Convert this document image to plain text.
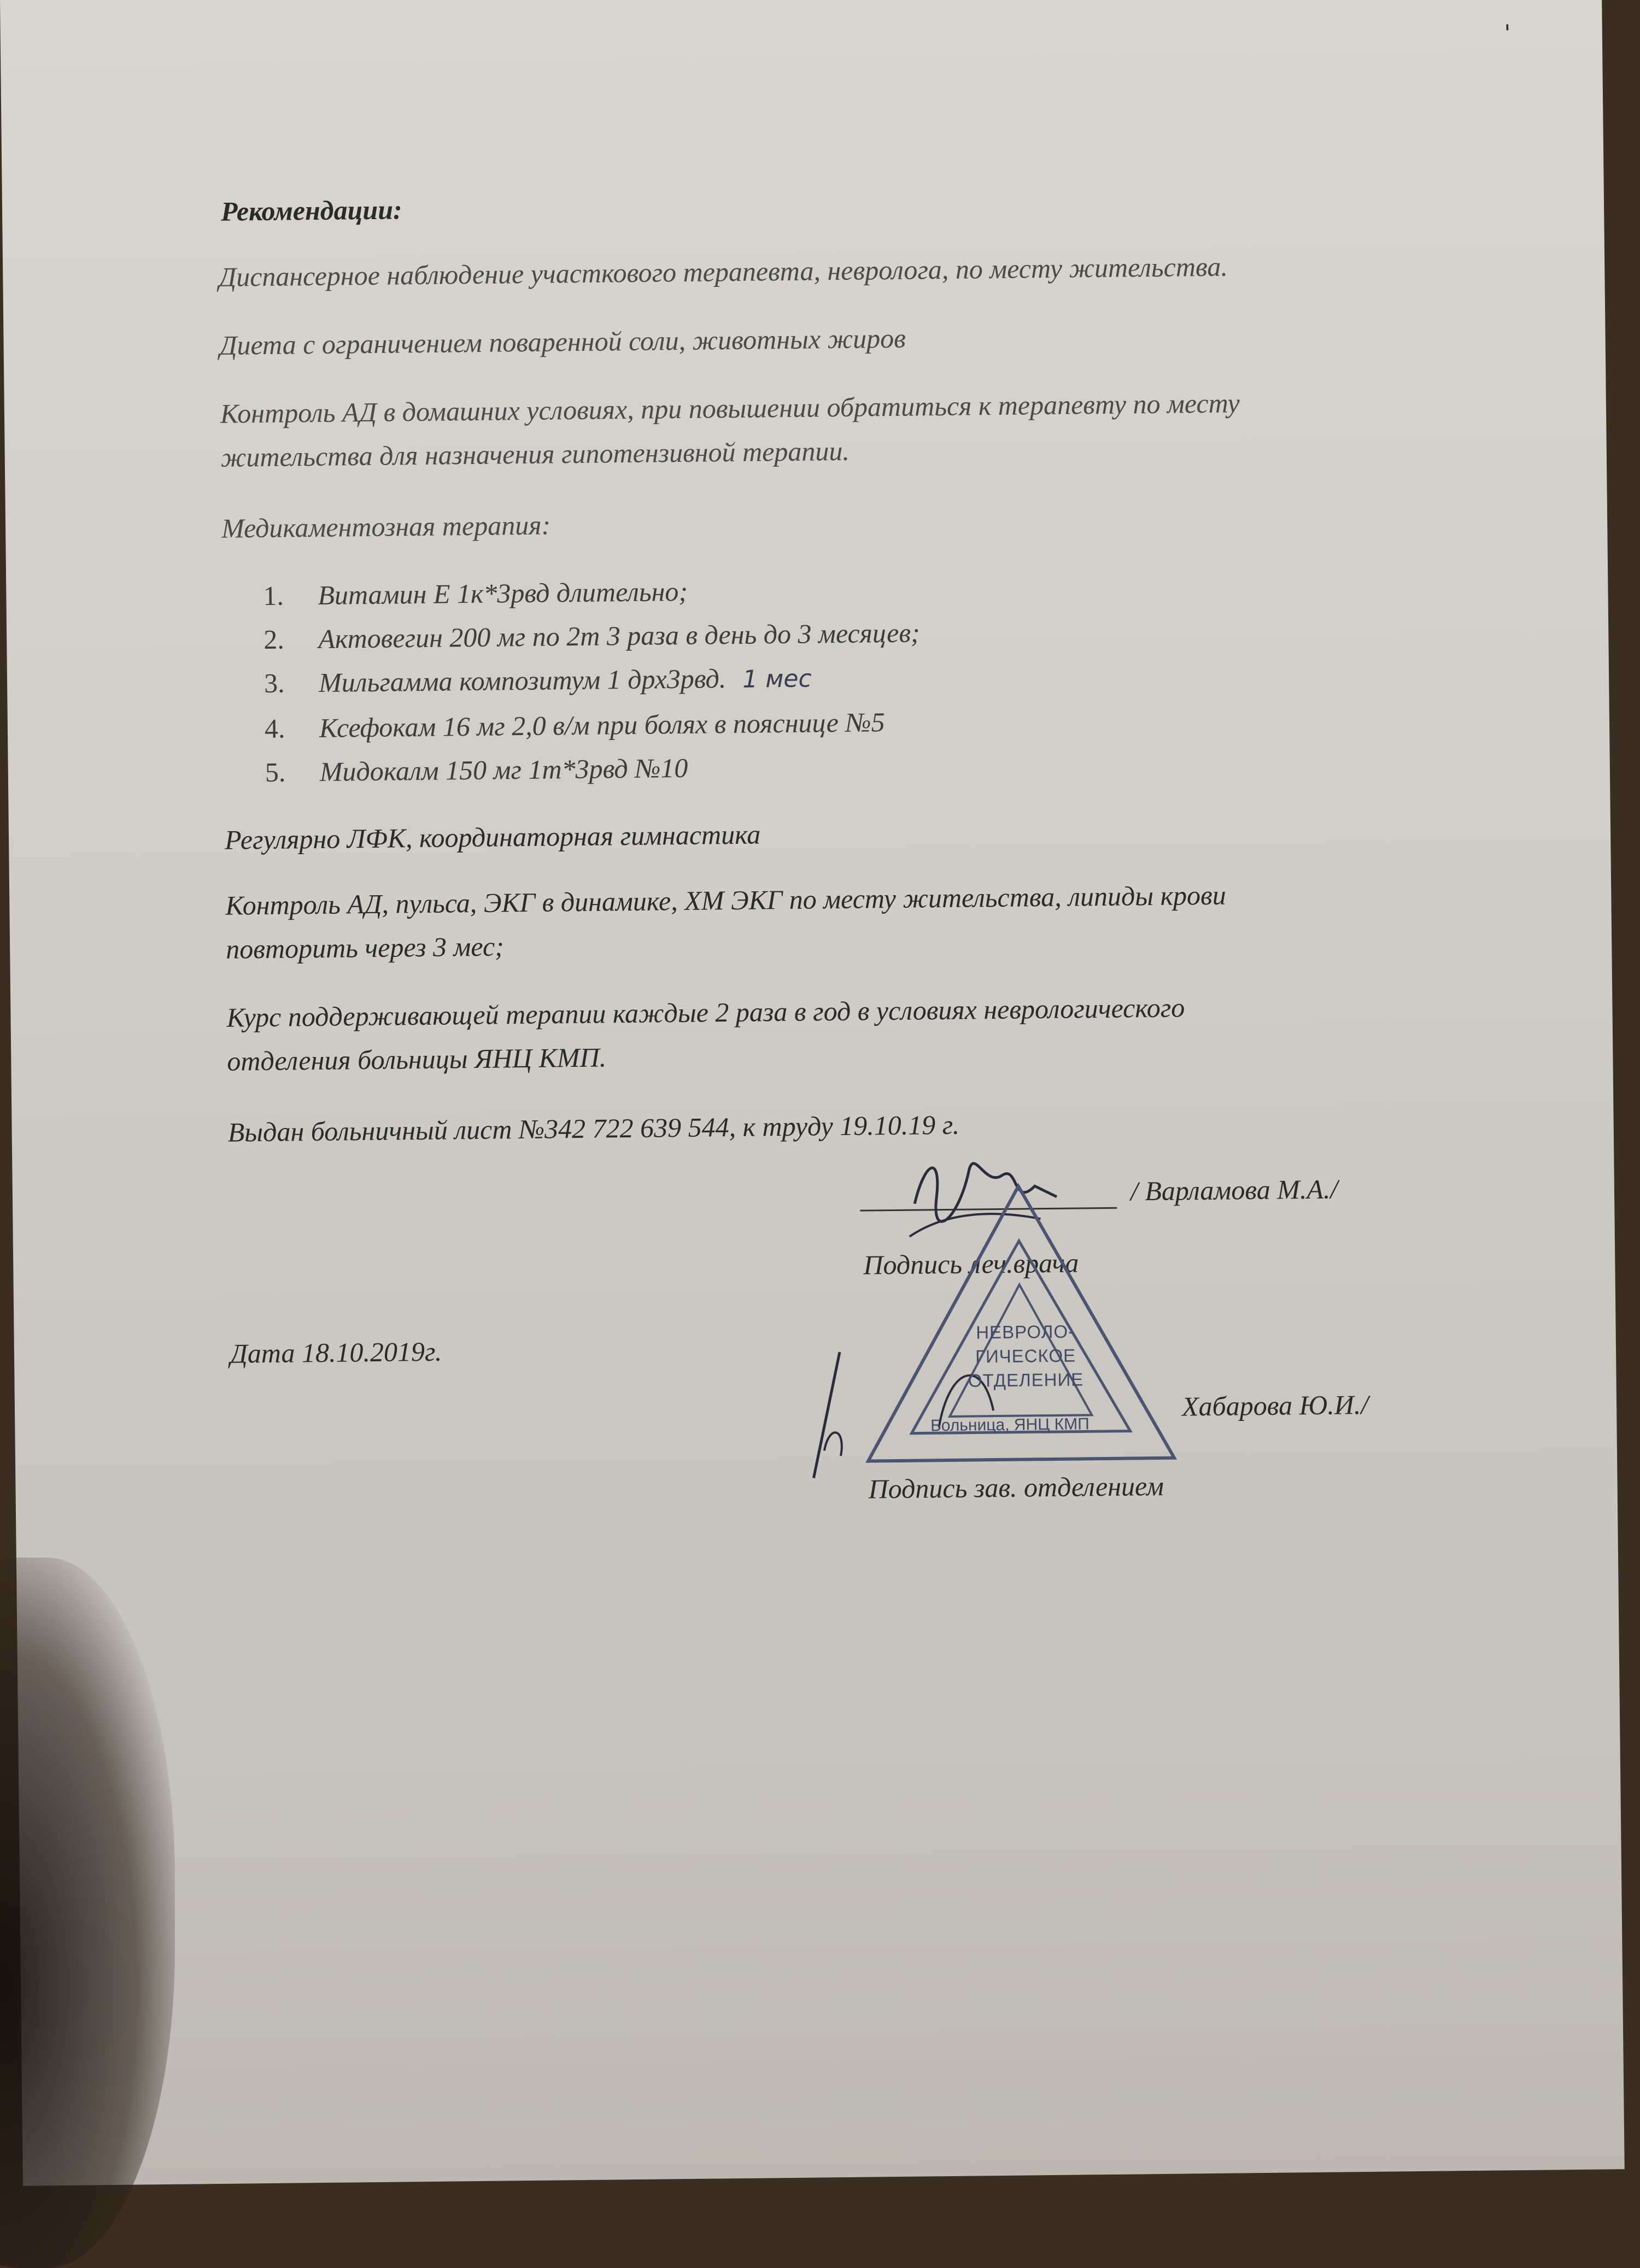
ˈ

Рекомендации:

Диспансерное наблюдение участкового терапевта, невролога, по месту жительства.

Диета с ограничением поваренной соли, животных жиров

Контроль АД в домашних условиях, при повышении обратиться к терапевту по месту

жительства для назначения гипотензивной терапии.

Медикаментозная терапия:

1. Витамин Е 1к*3рвд длительно;
2. Актовегин 200 мг по 2т 3 раза в день до 3 месяцев;
3. Мильгамма композитум 1 дрх3рвд. 1 мес
4. Ксефокам 16 мг 2,0 в/м при болях в пояснице №5
5. Мидокалм 150 мг 1т*3рвд №10

Регулярно ЛФК, координаторная гимнастика

Контроль АД, пульса, ЭКГ в динамике, ХМ ЭКГ по месту жительства, липиды крови

повторить через 3 мес;

Курс поддерживающей терапии каждые 2 раза в год в условиях неврологического

отделения больницы ЯНЦ КМП.

Выдан больничный лист №342 722 639 544, к труду 19.10.19 г.

/ Варламова М.А./

Подпись леч.врача

Дата 18.10.2019г.

Хабарова Ю.И./

Подпись зав. отделением

НЕВРОЛО-
ГИЧЕСКОЕ
ОТДЕЛЕНИЕ
Больница, ЯНЦ КМП
